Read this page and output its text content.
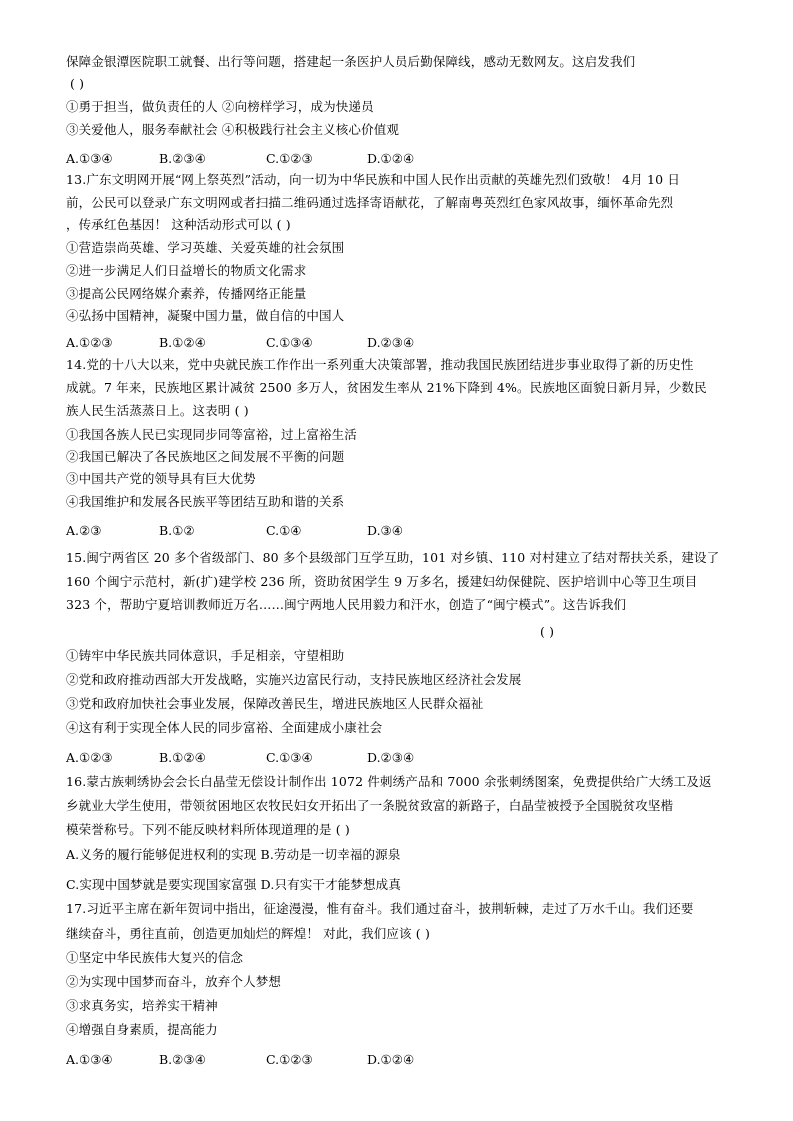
保障金银潭医院职工就餐、出行等问题，搭建起一条医护人员后勤保障线，感动无数网友。这启发我们
( )
①勇于担当，做负责任的人 ②向榜样学习，成为快递员
③关爱他人，服务奉献社会 ④积极践行社会主义核心价值观
A.①③④	B.②③④	C.①②③	D.①②④
13.广东文明网开展“网上祭英烈”活动，向一切为中华民族和中国人民作出贡献的英雄先烈们致敬！ 4月 10 日
前，公民可以登录广东文明网或者扫描二维码通过选择寄语献花，了解南粤英烈红色家风故事，缅怀革命先烈
，传承红色基因！ 这种活动形式可以 ( )
①营造崇尚英雄、学习英雄、关爱英雄的社会氛围
②进一步满足人们日益增长的物质文化需求
③提高公民网络媒介素养，传播网络正能量
④弘扬中国精神，凝聚中国力量，做自信的中国人
A.①②③	B.①②④	C.①③④	D.②③④
14.党的十八大以来，党中央就民族工作作出一系列重大决策部署，推动我国民族团结进步事业取得了新的历史性
成就。7 年来，民族地区累计减贫 2500 多万人，贫困发生率从 21%下降到 4%。民族地区面貌日新月异，少数民
族人民生活蒸蒸日上。这表明 ( )
①我国各族人民已实现同步同等富裕，过上富裕生活
②我国已解决了各民族地区之间发展不平衡的问题
③中国共产党的领导具有巨大优势
④我国维护和发展各民族平等团结互助和谐的关系
A.②③	B.①②	C.①④	D.③④
15.闽宁两省区 20 多个省级部门、80 多个县级部门互学互助，101 对乡镇、110 对村建立了结对帮扶关系，建设了
160 个闽宁示范村，新(扩)建学校 236 所，资助贫困学生 9 万多名，援建妇幼保健院、医护培训中心等卫生项目
323 个，帮助宁夏培训教师近万名……闽宁两地人民用毅力和汗水，创造了“闽宁模式”。这告诉我们
( )
①铸牢中华民族共同体意识，手足相亲，守望相助
②党和政府推动西部大开发战略，实施兴边富民行动，支持民族地区经济社会发展
③党和政府加快社会事业发展，保障改善民生，增进民族地区人民群众福祉
④这有利于实现全体人民的同步富裕、全面建成小康社会
A.①②③	B.①②④	C.①③④	D.②③④
16.蒙古族刺绣协会会长白晶莹无偿设计制作出 1072 件刺绣产品和 7000 余张刺绣图案，免费提供给广大绣工及返
乡就业大学生使用，带领贫困地区农牧民妇女开拓出了一条脱贫致富的新路子，白晶莹被授予全国脱贫攻坚楷
模荣誉称号。下列不能反映材料所体现道理的是 ( )
A.义务的履行能够促进权利的实现 B.劳动是一切幸福的源泉
C.实现中国梦就是要实现国家富强 D.只有实干才能梦想成真
17.习近平主席在新年贺词中指出，征途漫漫，惟有奋斗。我们通过奋斗，披荆斩棘，走过了万水千山。我们还要
继续奋斗，勇往直前，创造更加灿烂的辉煌！ 对此，我们应该 ( )
①坚定中华民族伟大复兴的信念
②为实现中国梦而奋斗，放弃个人梦想
③求真务实，培养实干精神
④增强自身素质，提高能力
A.①③④	B.②③④	C.①②③	D.①②④
